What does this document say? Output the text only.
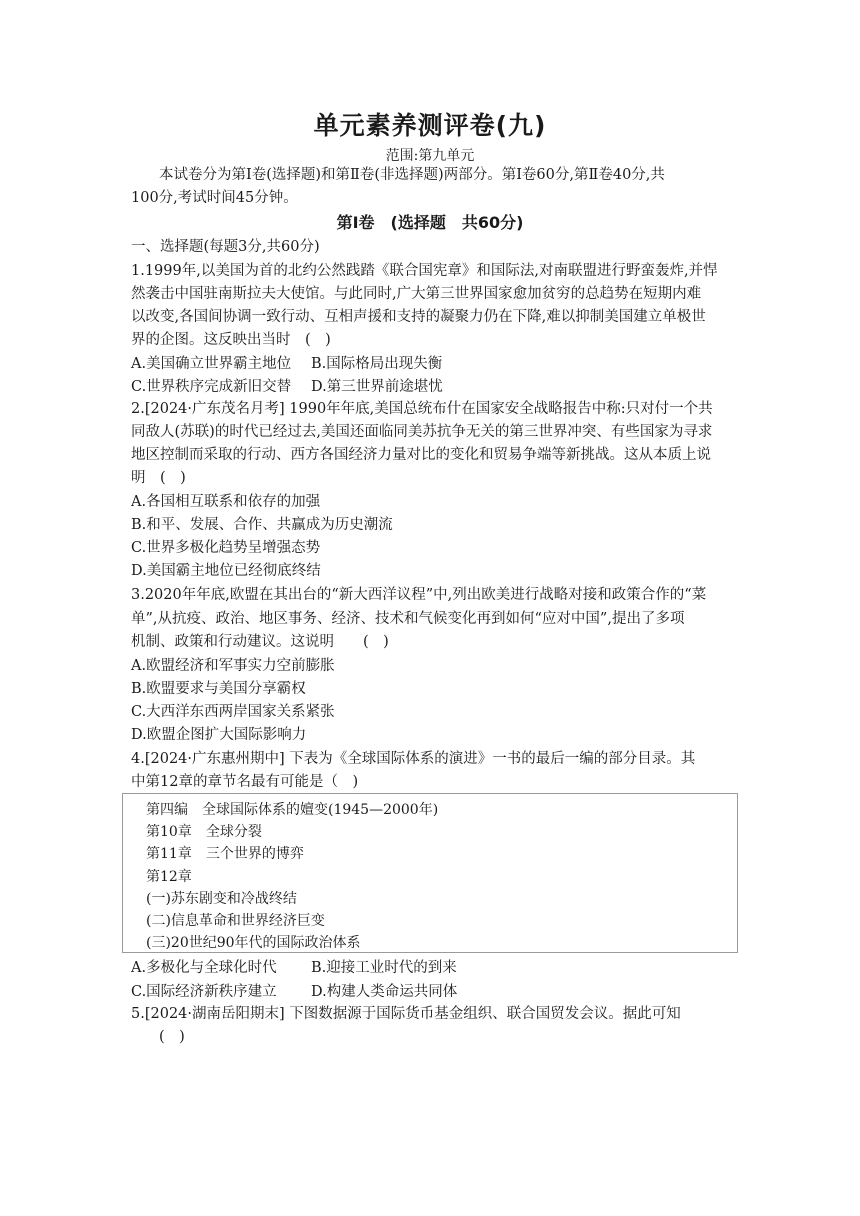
单元素养测评卷(九)
范围:第九单元
本试卷分为第Ⅰ卷(选择题)和第Ⅱ卷(非选择题)两部分。第Ⅰ卷60分,第Ⅱ卷40分,共
100分,考试时间45分钟。
第Ⅰ卷　(选择题　共60分)
一、选择题(每题3分,共60分)
1.1999年,以美国为首的北约公然践踏《联合国宪章》和国际法,对南联盟进行野蛮轰炸,并悍
然袭击中国驻南斯拉夫大使馆。与此同时,广大第三世界国家愈加贫穷的总趋势在短期内难
以改变,各国间协调一致行动、互相声援和支持的凝聚力仍在下降,难以抑制美国建立单极世
界的企图。这反映出当时　(　)
A.美国确立世界霸主地位 B.国际格局出现失衡
C.世界秩序完成新旧交替 D.第三世界前途堪忧
2.[2024·广东茂名月考] 1990年年底,美国总统布什在国家安全战略报告中称:只对付一个共
同敌人(苏联)的时代已经过去,美国还面临同美苏抗争无关的第三世界冲突、有些国家为寻求
地区控制而采取的行动、西方各国经济力量对比的变化和贸易争端等新挑战。这从本质上说
明　(　)
A.各国相互联系和依存的加强
B.和平、发展、合作、共赢成为历史潮流
C.世界多极化趋势呈增强态势
D.美国霸主地位已经彻底终结
3.2020年年底,欧盟在其出台的“新大西洋议程”中,列出欧美进行战略对接和政策合作的“菜
单”,从抗疫、政治、地区事务、经济、技术和气候变化再到如何“应对中国”,提出了多项
机制、政策和行动建议。这说明　　(　)
A.欧盟经济和军事实力空前膨胀
B.欧盟要求与美国分享霸权
C.大西洋东西两岸国家关系紧张
D.欧盟企图扩大国际影响力
4.[2024·广东惠州期中] 下表为《全球国际体系的演进》一书的最后一编的部分目录。其
中第12章的章节名最有可能是（　)
第四编　全球国际体系的嬗变(1945—2000年)
第10章　全球分裂
第11章　三个世界的博弈
第12章
(一)苏东剧变和冷战终结
(二)信息革命和世界经济巨变
(三)20世纪90年代的国际政治体系
A.多极化与全球化时代 B.迎接工业时代的到来
C.国际经济新秩序建立 D.构建人类命运共同体
5.[2024·湖南岳阳期末] 下图数据源于国际货币基金组织、联合国贸发会议。据此可知
(　)
